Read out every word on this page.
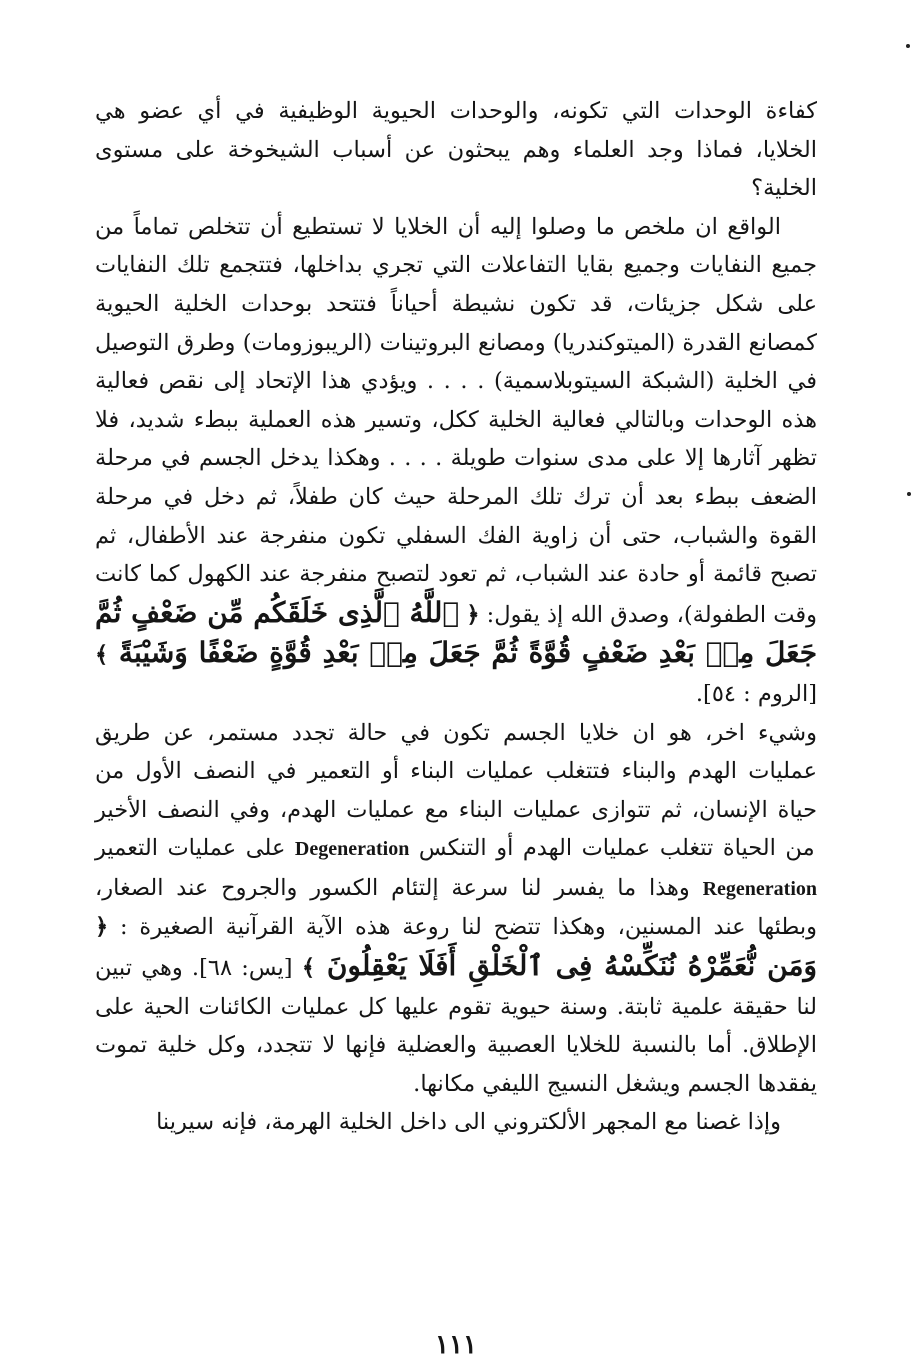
كفاءة الوحدات التي تكونه، والوحدات الحيوية الوظيفية في أي عضو هي الخلايا، فماذا وجد العلماء وهم يبحثون عن أسباب الشيخوخة على مستوى الخلية؟

الواقع ان ملخص ما وصلوا إليه أن الخلايا لا تستطيع أن تتخلص تماماً من جميع النفايات وجميع بقايا التفاعلات التي تجري بداخلها، فتتجمع تلك النفايات على شكل جزيئات، قد تكون نشيطة أحياناً فتتحد بوحدات الخلية الحيوية كمصانع القدرة (الميتوكندريا) ومصانع البروتينات (الريبوزومات) وطرق التوصيل في الخلية (الشبكة السيتوبلاسمية) . . . . ويؤدي هذا الإتحاد إلى نقص فعالية هذه الوحدات وبالتالي فعالية الخلية ككل، وتسير هذه العملية ببطء شديد، فلا تظهر آثارها إلا على مدى سنوات طويلة . . . . وهكذا يدخل الجسم في مرحلة الضعف ببطء بعد أن ترك تلك المرحلة حيث كان طفلاً، ثم دخل في مرحلة القوة والشباب، حتى أن زاوية الفك السفلي تكون منفرجة عند الأطفال، ثم تصبح قائمة أو حادة عند الشباب، ثم تعود لتصبح منفرجة عند الكهول كما كانت وقت الطفولة)، وصدق الله إذ يقول: ﴿ ٱللَّهُ ٱلَّذِى خَلَقَكُم مِّن ضَعْفٍ ثُمَّ جَعَلَ مِنۢ بَعْدِ ضَعْفٍ قُوَّةً ثُمَّ جَعَلَ مِنۢ بَعْدِ قُوَّةٍ ضَعْفًا وَشَيْبَةً ﴾ [الروم : ٥٤].

وشيء اخر، هو ان خلايا الجسم تكون في حالة تجدد مستمر، عن طريق عمليات الهدم والبناء فتتغلب عمليات البناء أو التعمير في النصف الأول من حياة الإنسان، ثم تتوازى عمليات البناء مع عمليات الهدم، وفي النصف الأخير من الحياة تتغلب عمليات الهدم أو التنكس Degeneration على عمليات التعمير Regeneration وهذا ما يفسر لنا سرعة إلتئام الكسور والجروح عند الصغار، وبطئها عند المسنين، وهكذا تتضح لنا روعة هذه الآية القرآنية الصغيرة : ﴿ وَمَن نُّعَمِّرْهُ نُنَكِّسْهُ فِى ٱلْخَلْقِ أَفَلَا يَعْقِلُونَ ﴾ [يس: ٦٨]. وهي تبين لنا حقيقة علمية ثابتة. وسنة حيوية تقوم عليها كل عمليات الكائنات الحية على الإطلاق. أما بالنسبة للخلايا العصبية والعضلية فإنها لا تتجدد، وكل خلية تموت يفقدها الجسم ويشغل النسيج الليفي مكانها.

وإذا غصنا مع المجهر الألكتروني الى داخل الخلية الهرمة، فإنه سيرينا

١١١
